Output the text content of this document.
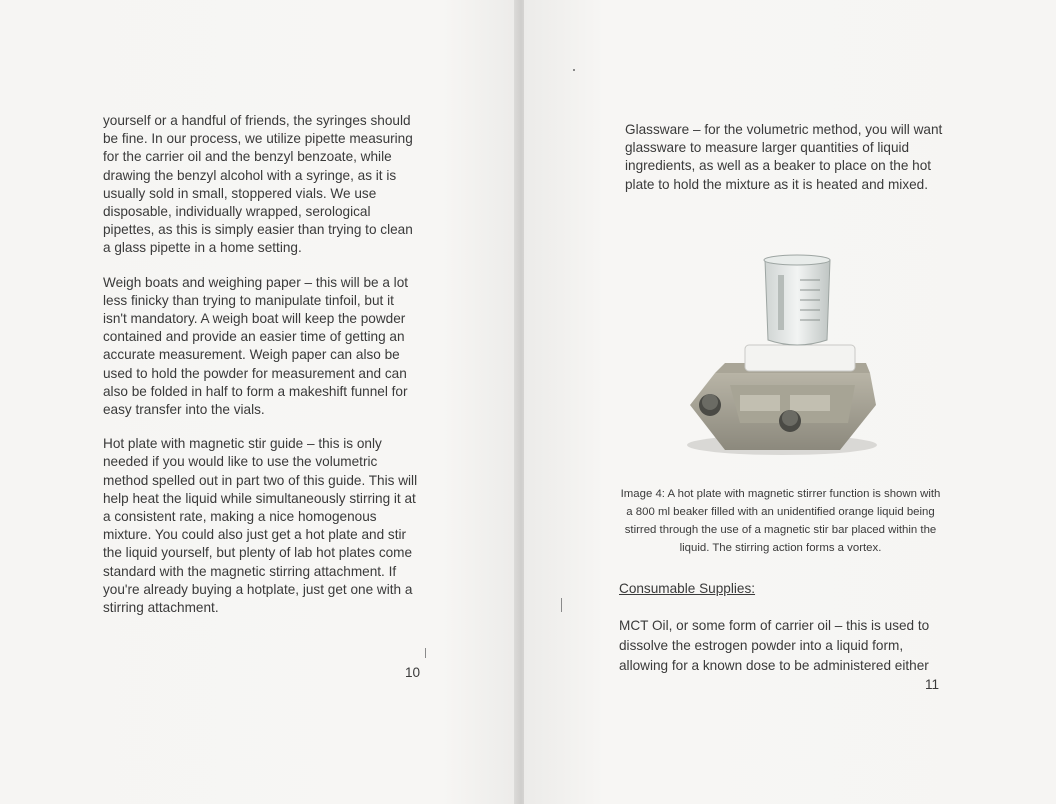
yourself or a handful of friends, the syringes should be fine. In our process, we utilize pipette measuring for the carrier oil and the benzyl benzoate, while drawing the benzyl alcohol with a syringe, as it is usually sold in small, stoppered vials. We use disposable, individually wrapped, serological pipettes, as this is simply easier than trying to clean a glass pipette in a home setting.

Weigh boats and weighing paper – this will be a lot less finicky than trying to manipulate tinfoil, but it isn't mandatory. A weigh boat will keep the powder contained and provide an easier time of getting an accurate measurement. Weigh paper can also be used to hold the powder for measurement and can also be folded in half to form a makeshift funnel for easy transfer into the vials.

Hot plate with magnetic stir guide – this is only needed if you would like to use the volumetric method spelled out in part two of this guide. This will help heat the liquid while simultaneously stirring it at a consistent rate, making a nice homogenous mixture. You could also just get a hot plate and stir the liquid yourself, but plenty of lab hot plates come standard with the magnetic stirring attachment. If you're already buying a hotplate, just get one with a stirring attachment.

10

Glassware – for the volumetric method, you will want glassware to measure larger quantities of liquid ingredients, as well as a beaker to place on the hot plate to hold the mixture as it is heated and mixed.

Image 4: A hot plate with magnetic stirrer function is shown with a 800 ml beaker filled with an unidentified orange liquid being stirred through the use of a magnetic stir bar placed within the liquid. The stirring action forms a vortex.
Consumable Supplies:

MCT Oil, or some form of carrier oil – this is used to dissolve the estrogen powder into a liquid form, allowing for a known dose to be administered either

11
